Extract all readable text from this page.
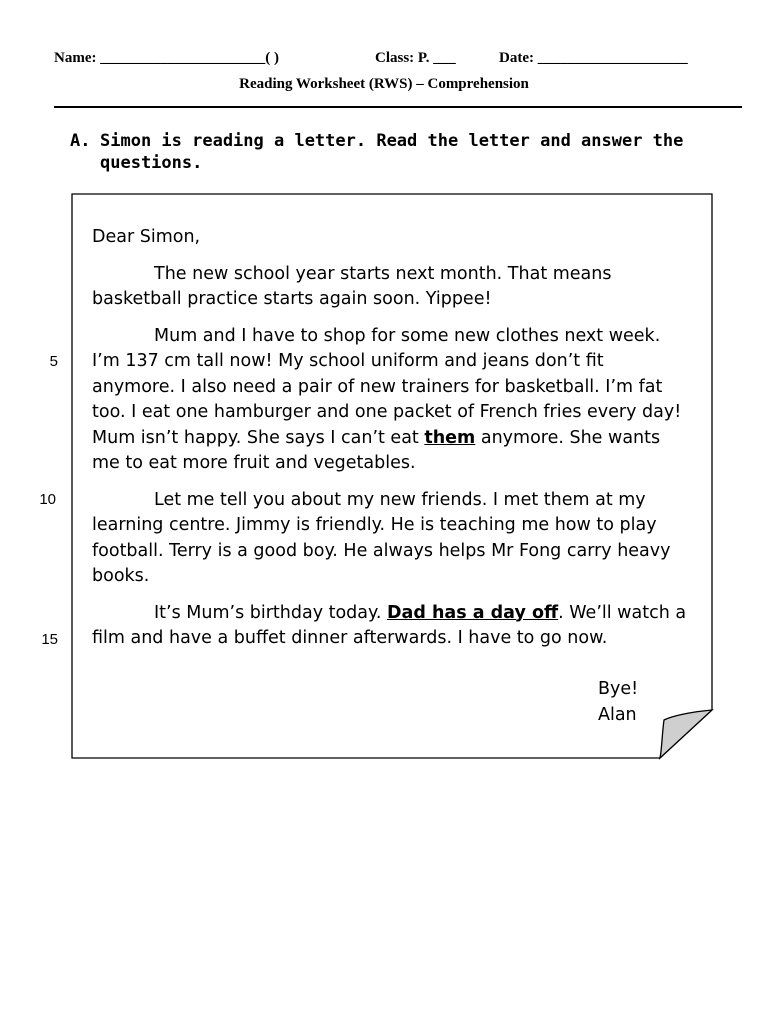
Name: ______________________( )	Class: P. ___	Date: ____________________
Reading Worksheet (RWS) – Comprehension
A. Simon is reading a letter. Read the letter and answer the questions.

Dear Simon,

The new school year starts next month. That means basketball practice starts again soon. Yippee!

Mum and I have to shop for some new clothes next week. I’m 137 cm tall now! My school uniform and jeans don’t fit anymore. I also need a pair of new trainers for basketball. I’m fat too. I eat one hamburger and one packet of French fries every day! Mum isn’t happy. She says I can’t eat them anymore. She wants me to eat more fruit and vegetables.

Let me tell you about my new friends. I met them at my learning centre. Jimmy is friendly. He is teaching me how to play football. Terry is a good boy. He always helps Mr Fong carry heavy books.

It’s Mum’s birthday today. Dad has a day off. We’ll watch a film and have a buffet dinner afterwards. I have to go now.

Bye!
Alan
5
10
15
